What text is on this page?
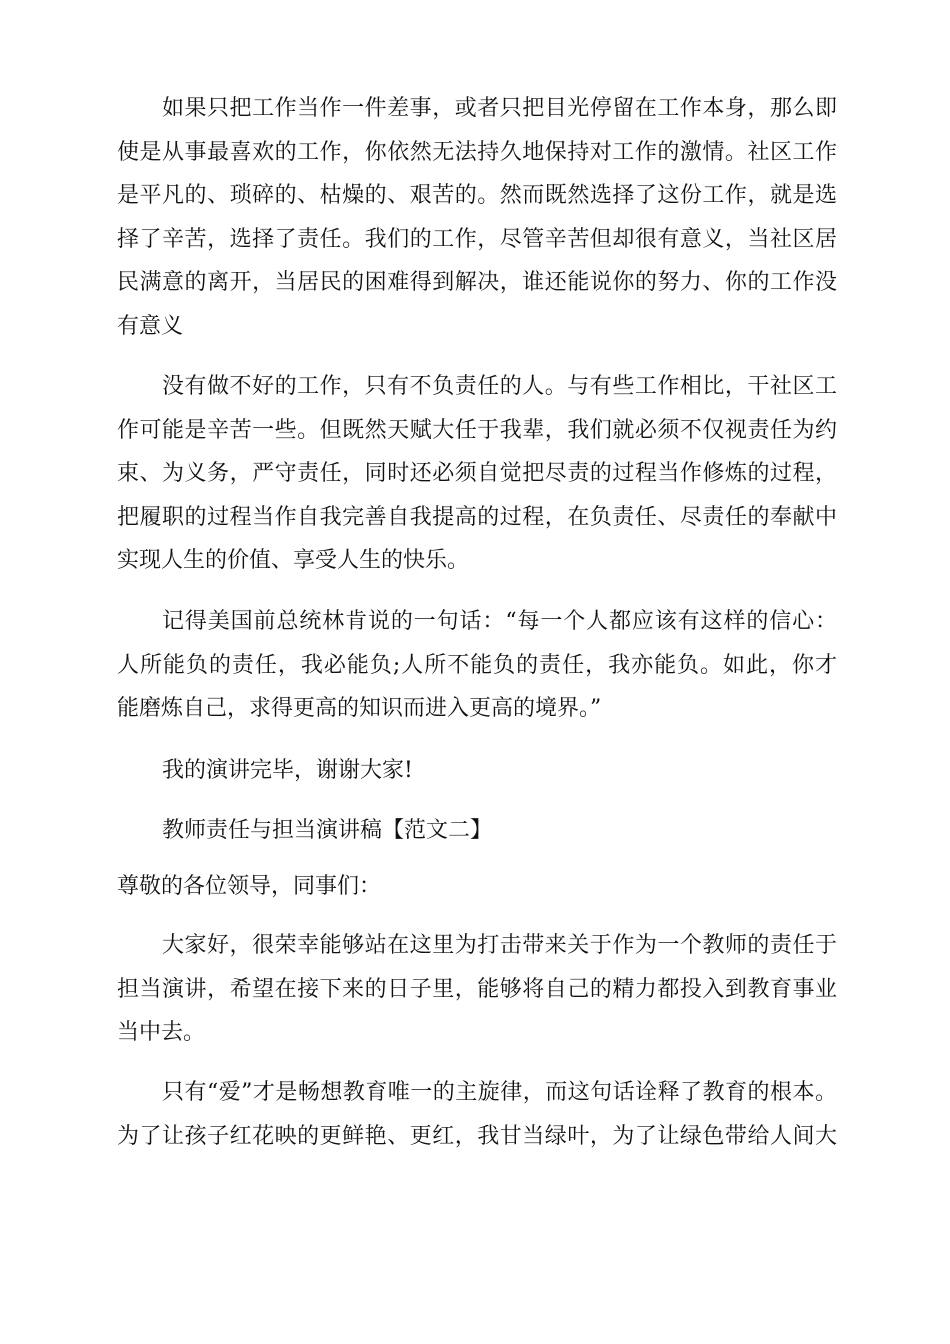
如果只把工作当作一件差事，或者只把目光停留在工作本身，那么即
使是从事最喜欢的工作，你依然无法持久地保持对工作的激情。社区工作
是平凡的、琐碎的、枯燥的、艰苦的。然而既然选择了这份工作，就是选
择了辛苦，选择了责任。我们的工作，尽管辛苦但却很有意义，当社区居
民满意的离开，当居民的困难得到解决，谁还能说你的努力、你的工作没
有意义
没有做不好的工作，只有不负责任的人。与有些工作相比，干社区工
作可能是辛苦一些。但既然天赋大任于我辈，我们就必须不仅视责任为约
束、为义务，严守责任，同时还必须自觉把尽责的过程当作修炼的过程，
把履职的过程当作自我完善自我提高的过程，在负责任、尽责任的奉献中
实现人生的价值、享受人生的快乐。
记得美国前总统林肯说的一句话：“每一个人都应该有这样的信心：
人所能负的责任，我必能负;人所不能负的责任，我亦能负。如此，你才
能磨炼自己，求得更高的知识而进入更高的境界。”
我的演讲完毕，谢谢大家!
教师责任与担当演讲稿【范文二】
尊敬的各位领导，同事们：
大家好，很荣幸能够站在这里为打击带来关于作为一个教师的责任于
担当演讲，希望在接下来的日子里，能够将自己的精力都投入到教育事业
当中去。
只有“爱”才是畅想教育唯一的主旋律，而这句话诠释了教育的根本。
为了让孩子红花映的更鲜艳、更红，我甘当绿叶，为了让绿色带给人间大
